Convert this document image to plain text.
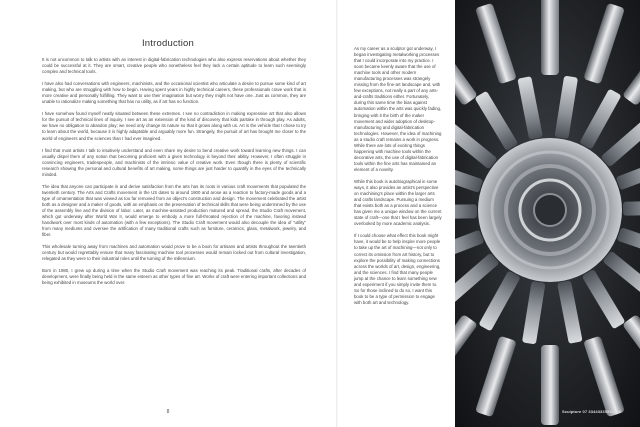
Introduction

It is not uncommon to talk to artists with an interest in digital-fabrication technologies who also express reservations about whether they could be successful at it. They are smart, creative people who nonetheless feel they lack a certain aptitude to learn such seemingly complex and technical tools.

I have also had conversations with engineers, machinists, and the occasional scientist who articulate a desire to pursue some kind of art making, but who are struggling with how to begin. Having spent years in highly technical careers, these professionals crave work that is more creative and personally fulfilling. They want to use their imagination but worry they might not have one. Just as common, they are unable to rationalize making something that has no utility, as if art has no function.

I have somehow found myself neatly situated between these extremes. I see no contradiction in making expressive art that also allows for the pursuit of technical lines of inquiry. I see art as an extension of the kind of discovery that kids partake in through play. As adults, we have no obligation to abandon play; we need only change its nature so that it grows along with us. Art is the vehicle that I chose to try to learn about the world, because it is highly adaptable and arguably more fun. Strangely, the pursuit of art has brought me closer to the world of engineers and the sciences than I had ever imagined.

I find that most artists I talk to intuitively understand and even share my desire to bend creative work toward learning new things. I can usually dispel them of any notion that becoming proficient with a given technology is beyond their ability. However, I often struggle in convincing engineers, tradespeople, and machinists of the intrinsic value of creative work. Even though there is plenty of scientific research showing the personal and cultural benefits of art making, some things are just harder to quantify in the eyes of the technically minded.

The idea that anyone can participate in and derive satisfaction from the arts has its roots in various craft movements that populated the twentieth century. The Arts and Crafts movement in the US dates to around 1900 and arose as a reaction to factory-made goods and a type of ornamentation that was viewed as too far removed from an object's construction and design. The movement celebrated the artist both as a designer and a maker of goods, with an emphasis on the preservation of technical skills that were being undermined by the use of the assembly line and the division of labor. Later, as machine-assisted production matured and spread, the Studio Craft movement, which got underway after World War II, would emerge to embody a more full-throated rejection of the machine, favoring instead handiwork over most kinds of automation (with a few exceptions). The Studio Craft movement would also decouple the idea of "utility" from many mediums and oversee the artification of many traditional crafts such as furniture, ceramics, glass, metalwork, jewelry, and fiber.

This wholesale turning away from machines and automation would prove to be a boon for artisans and artists throughout the twentieth century but would regrettably ensure that many fascinating machine tool processes would remain locked out from cultural investigation, relegated as they were to their industrial roles until the turning of the millennium.

Born in 1980, I grew up during a time when the Studio Craft movement was reaching its peak. Traditional crafts, after decades of development, were finally being held in the same esteem as other types of fine art. Works of craft were entering important collections and being exhibited in museums the world over.

8

As my career as a sculptor got underway, I began investigating metalworking processes that I could incorporate into my practice. I soon became keenly aware that the use of machine tools and other modern manufacturing processes was strangely missing from the fine-art landscape and, with few exceptions, not really a part of any arts-and-crafts traditions either. Fortunately, during this same time the bias against automation within the arts was quickly fading, bringing with it the birth of the maker movement and wider adoption of desktop-manufacturing and digital-fabrication technologies. However, the idea of machining as a studio craft remains a work in progress. While there are lots of exciting things happening with machine tools within the decorative arts, the use of digital-fabrication tools within the fine arts has maintained an element of a novelty.

While this book is autobiographical in some ways, it also provides an artist's perspective on machining's place within the larger arts and crafts landscape. Pursuing a medium that exists both as a process and a science has given me a unique window on the current state of craft—one that I feel has been largely overlooked by more academic analysis.

If I could choose what effect this book might have, it would be to help inspire more people to take up the art of machining—not only to correct its omission from art history, but to explore the possibility of making connections across the worlds of art, design, engineering, and the sciences. I find that many people jump at the chance to learn something new and experiment if you simply invite them to. So for those inclined to do so, I want this book to be a type of permission to engage with both art and technology.

Sculpture 07 33443335553989
